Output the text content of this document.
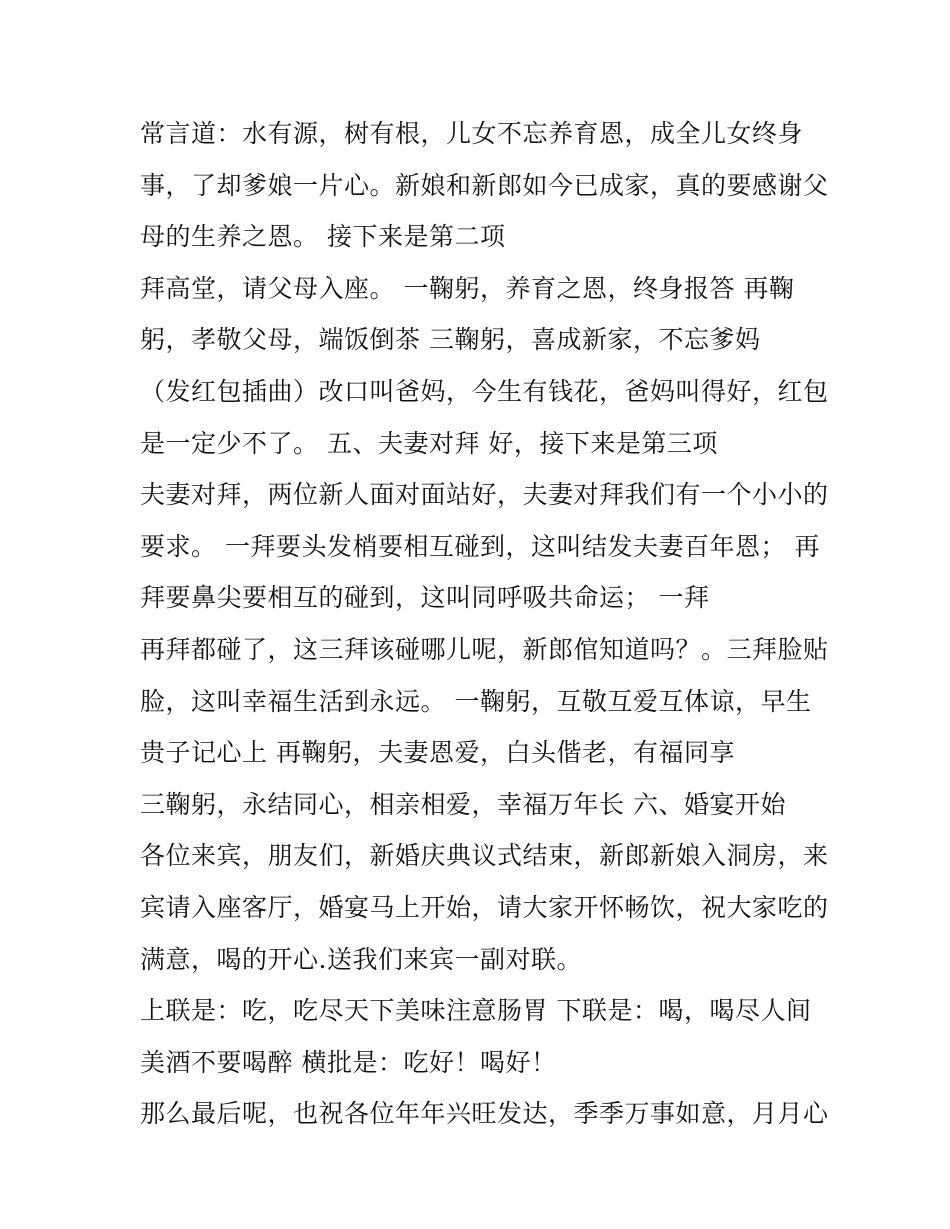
常言道：水有源，树有根，儿女不忘养育恩，成全儿女终身
事，了却爹娘一片心。新娘和新郎如今已成家，真的要感谢父
母的生养之恩。 接下来是第二项
拜高堂，请父母入座。 一鞠躬，养育之恩，终身报答 再鞠
躬，孝敬父母，端饭倒茶 三鞠躬，喜成新家，不忘爹妈
（发红包插曲）改口叫爸妈，今生有钱花，爸妈叫得好，红包
是一定少不了。 五、夫妻对拜 好，接下来是第三项
夫妻对拜，两位新人面对面站好，夫妻对拜我们有一个小小的
要求。 一拜要头发梢要相互碰到，这叫结发夫妻百年恩； 再
拜要鼻尖要相互的碰到，这叫同呼吸共命运； 一拜
再拜都碰了，这三拜该碰哪儿呢，新郎倌知道吗？。三拜脸贴
脸，这叫幸福生活到永远。 一鞠躬，互敬互爱互体谅，早生
贵子记心上 再鞠躬，夫妻恩爱，白头偕老，有福同享
三鞠躬，永结同心，相亲相爱，幸福万年长 六、婚宴开始
各位来宾，朋友们，新婚庆典议式结束，新郎新娘入洞房，来
宾请入座客厅，婚宴马上开始，请大家开怀畅饮，祝大家吃的
满意，喝的开心.送我们来宾一副对联。
上联是：吃，吃尽天下美味注意肠胃 下联是：喝，喝尽人间
美酒不要喝醉 横批是：吃好！喝好！
那么最后呢，也祝各位年年兴旺发达，季季万事如意，月月心
